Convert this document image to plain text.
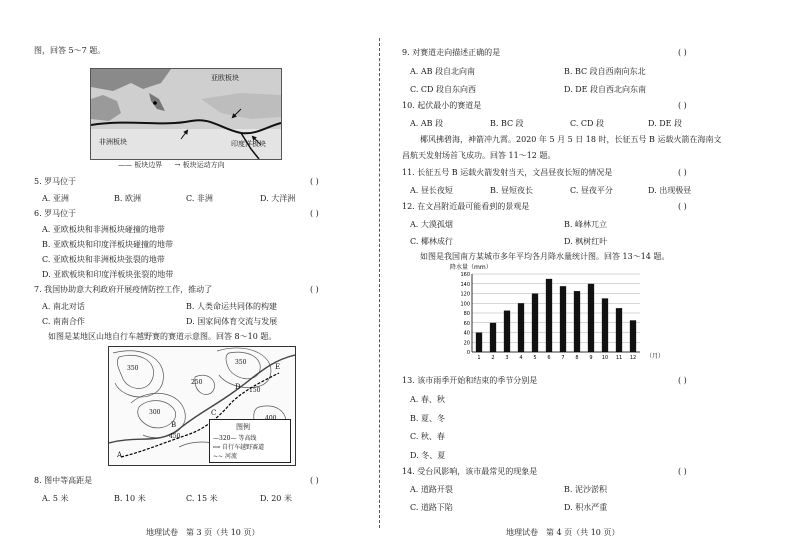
图，回答 5～7 题。
亚欧板块
非洲板块	印度洋板块
—— 板块边界 → 板块运动方向
5. 罗马位于	( )
A. 亚洲	B. 欧洲	C. 非洲	D. 大洋洲
6. 罗马位于	( )
A. 亚欧板块和非洲板块碰撞的地带
B. 亚欧板块和印度洋板块碰撞的地带
C. 亚欧板块和非洲板块张裂的地带
D. 亚欧板块和印度洋板块张裂的地带
7. 我国协助意大利政府开展疫情防控工作，推动了	( )
A. 南北对话	B. 人类命运共同体的构建
C. 南南合作	D. 国家间体育交流与发展
如图是某地区山地自行车越野赛的赛道示意图。回答 8～10 题。
350
300
250
350
450
150
A
B
C
D
E
图例
—320— 等高线
┅┅ 自行车越野赛道
∼∼ 河流
8. 图中等高距是	( )
A. 5 米	B. 10 米	C. 15 米	D. 20 米
地理试卷　第 3 页（共 10 页）
9. 对赛道走向描述正确的是	( )
A. AB 段自北向南	B. BC 段自西南向东北
C. CD 段自东向西	D. DE 段自西北向东南
10. 起伏最小的赛道是	( )
A. AB 段	B. BC 段	C. CD 段	D. DE 段
椰风拂碧海，神箭冲九霄。2020 年 5 月 5 日 18 时，长征五号 B 运载火箭在海南文
昌航天发射场首飞成功。回答 11～12 题。
11. 长征五号 B 运载火箭发射当天，文昌昼夜长短的情况是	( )
A. 昼长夜短	B. 昼短夜长	C. 昼夜平分	D. 出现极昼
12. 在文昌附近最可能看到的景观是	( )
A. 大漠孤烟	B. 峰林兀立
C. 椰林成行	D. 枫树红叶
如图是我国南方某城市多年平均各月降水量统计图。回答 13～14 题。
0
20
40
60
80
100
120
140
160
1 2 3 4 5 6 7 8 9 10 11 12
降水量（mm）
（月）
13. 该市雨季开始和结束的季节分别是	( )
A. 春、秋
B. 夏、冬
C. 秋、春
D. 冬、夏
14. 受台风影响，该市最常见的现象是	( )
A. 道路开裂	B. 泥沙淤积
C. 道路下陷	D. 积水严重
地理试卷　第 4 页（共 10 页）
